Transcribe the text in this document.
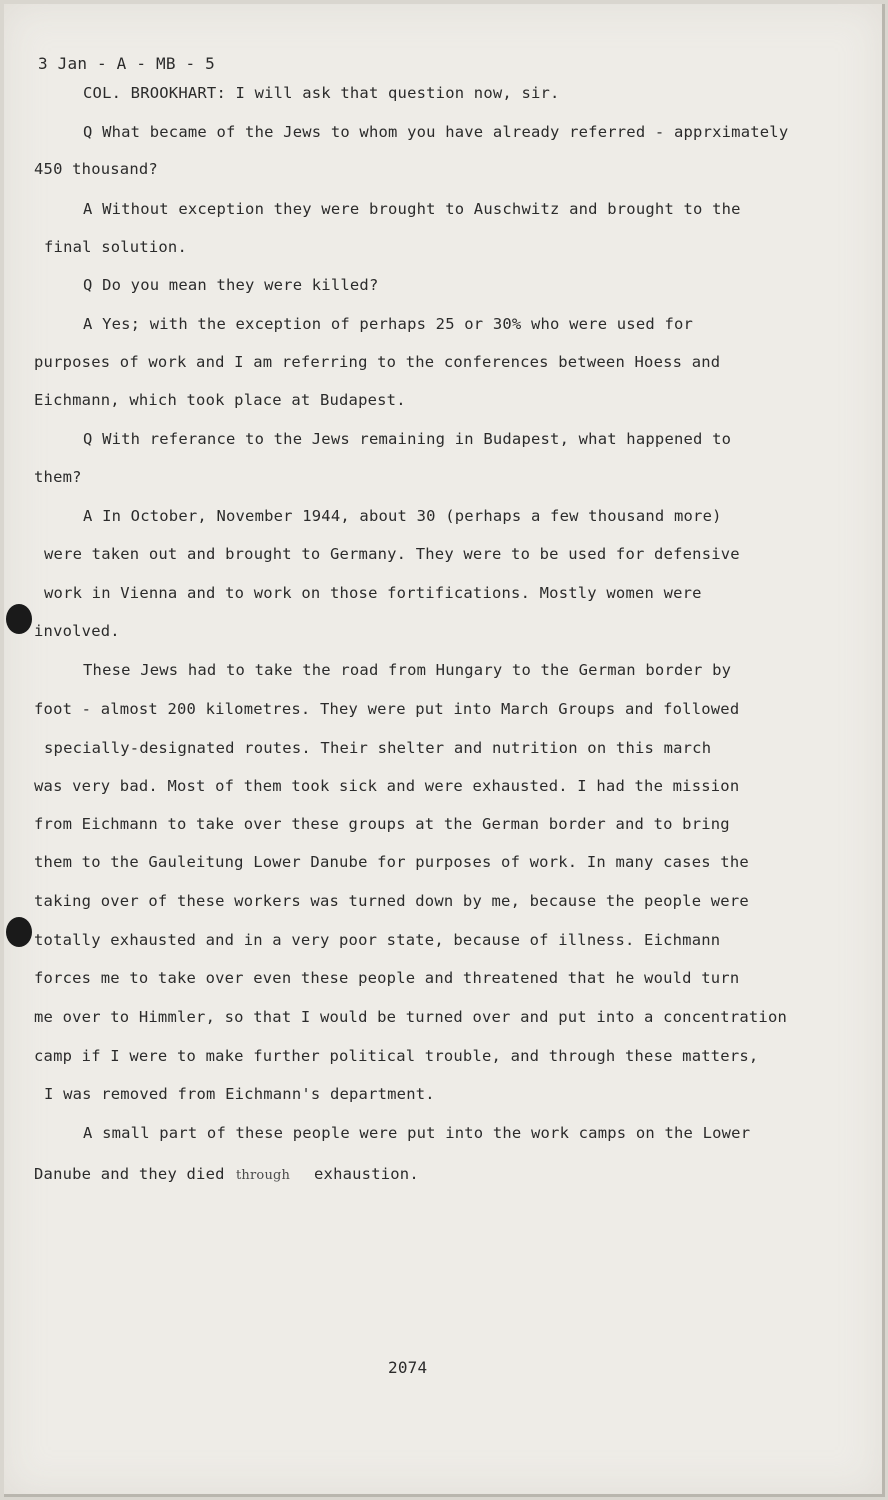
3 Jan - A - MB - 5
COL. BROOKHART: I will ask that question now, sir.
Q What became of the Jews to whom you have already referred - apprximately
450 thousand?
A Without exception they were brought to Auschwitz and brought to the
final solution.
Q Do you mean they were killed?
A Yes; with the exception of perhaps 25 or 30% who were used for
purposes of work and I am referring to the conferences between Hoess and
Eichmann, which took place at Budapest.
Q With referance to the Jews remaining in Budapest, what happened to
them?
A In October, November 1944, about 30 (perhaps a few thousand more)
were taken out and brought to Germany. They were to be used for defensive
work in Vienna and to work on those fortifications. Mostly women were
involved.
These Jews had to take the road from Hungary to the German border by
foot - almost 200 kilometres. They were put into March Groups and followed
specially-designated routes. Their shelter and nutrition on this march
was very bad. Most of them took sick and were exhausted. I had the mission
from Eichmann to take over these groups at the German border and to bring
them to the Gauleitung Lower Danube for purposes of work. In many cases the
taking over of these workers was turned down by me, because the people were
totally exhausted and in a very poor state, because of illness. Eichmann
forces me to take over even these people and threatened that he would turn
me over to Himmler, so that I would be turned over and put into a concentration
camp if I were to make further political trouble, and through these matters,
I was removed from Eichmann's department.
A small part of these people were put into the work camps on the Lower
Danube and they died through exhaustion.
2074
